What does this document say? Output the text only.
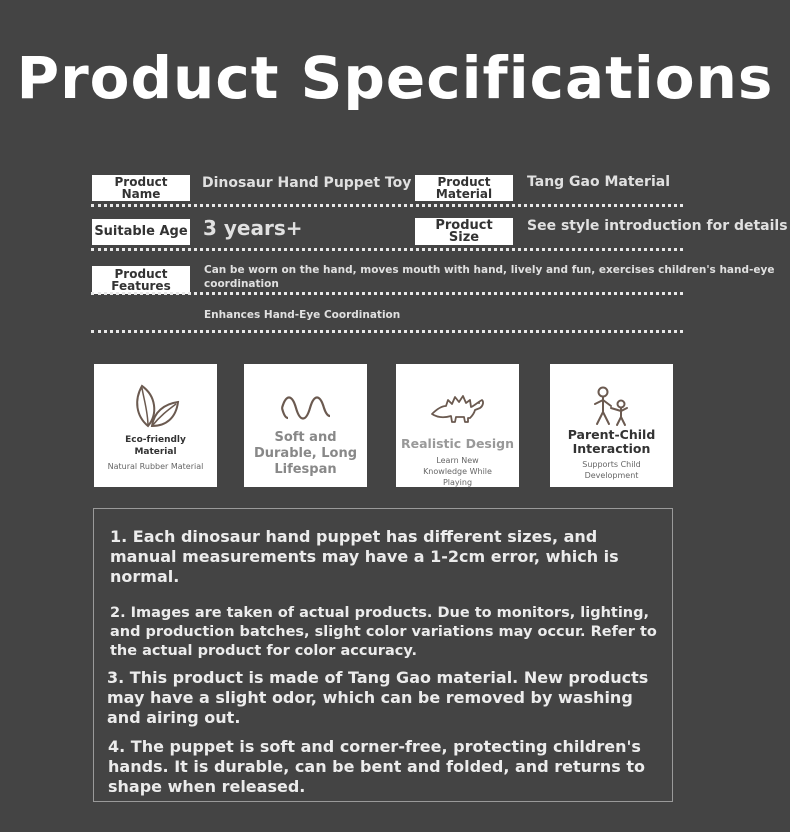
Product Specifications
Product Name
Dinosaur Hand Puppet Toy	Product Material
Tang Gao Material
Suitable Age 3 years+	Product Size
See style introduction for details
Product Features
Can be worn on the hand, moves mouth with hand, lively and fun, exercises children's hand-eye coordination
Enhances Hand-Eye Coordination
Eco-friendly Material
Natural Rubber Material
Soft and Durable, Long Lifespan
Realistic Design
Learn New Knowledge While Playing
Parent-Child Interaction
Supports Child Development
1. Each dinosaur hand puppet has different sizes, and manual measurements may have a 1-2cm error, which is normal.
2. Images are taken of actual products. Due to monitors, lighting, and production batches, slight color variations may occur. Refer to the actual product for color accuracy.
3. This product is made of Tang Gao material. New products may have a slight odor, which can be removed by washing and airing out.
4. The puppet is soft and corner-free, protecting children's hands. It is durable, can be bent and folded, and returns to shape when released.
